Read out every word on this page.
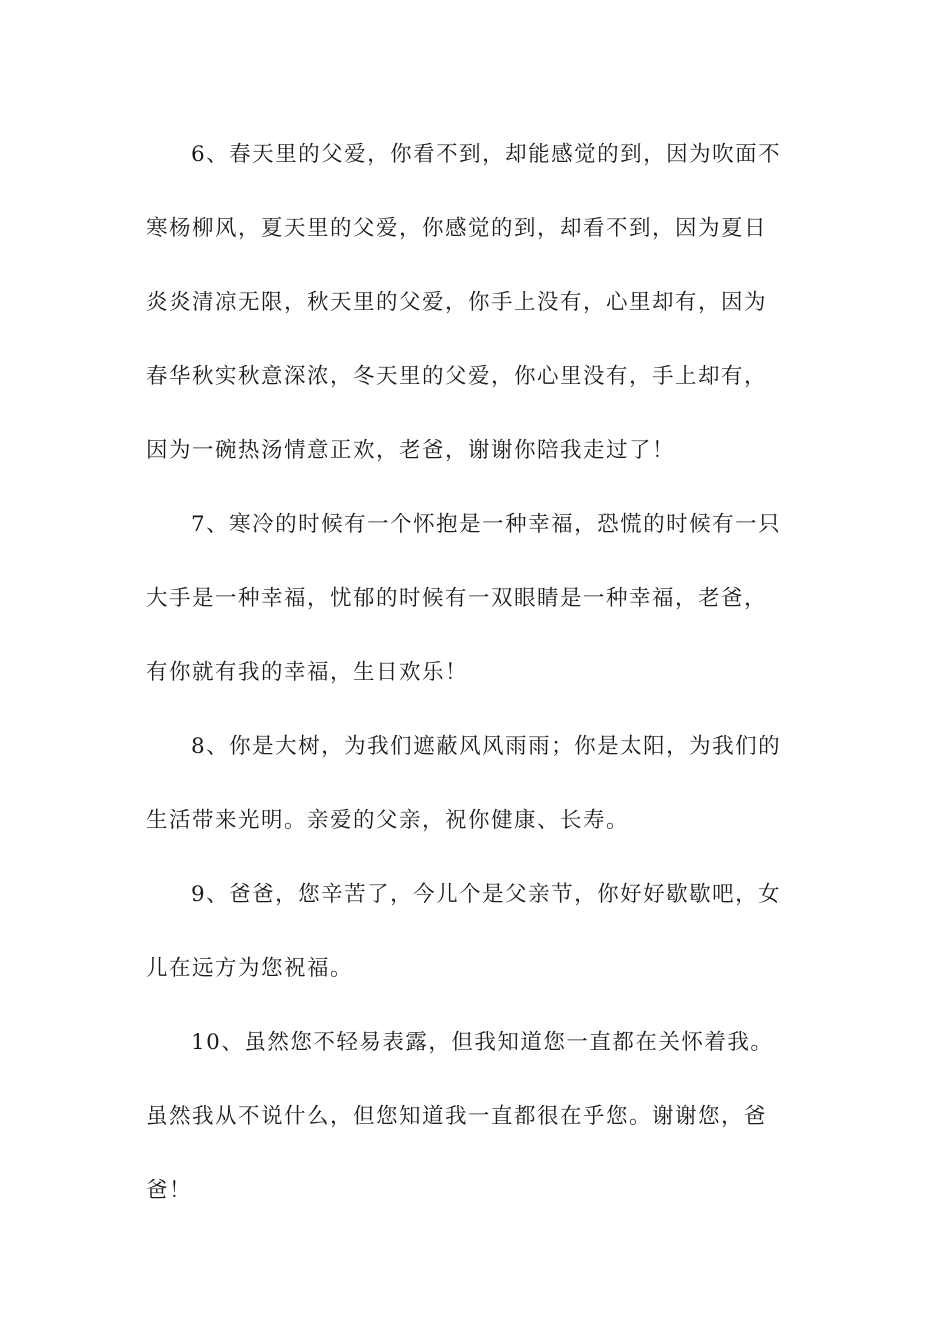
6、春天里的父爱，你看不到，却能感觉的到，因为吹面不
寒杨柳风，夏天里的父爱，你感觉的到，却看不到，因为夏日
炎炎清凉无限，秋天里的父爱，你手上没有，心里却有，因为
春华秋实秋意深浓，冬天里的父爱，你心里没有，手上却有，
因为一碗热汤情意正欢，老爸，谢谢你陪我走过了！
7、寒冷的时候有一个怀抱是一种幸福，恐慌的时候有一只
大手是一种幸福，忧郁的时候有一双眼睛是一种幸福，老爸，
有你就有我的幸福，生日欢乐！
8、你是大树，为我们遮蔽风风雨雨；你是太阳，为我们的
生活带来光明。亲爱的父亲，祝你健康、长寿。
9、爸爸，您辛苦了，今儿个是父亲节，你好好歇歇吧，女
儿在远方为您祝福。
10、虽然您不轻易表露，但我知道您一直都在关怀着我。
虽然我从不说什么，但您知道我一直都很在乎您。谢谢您，爸
爸！
